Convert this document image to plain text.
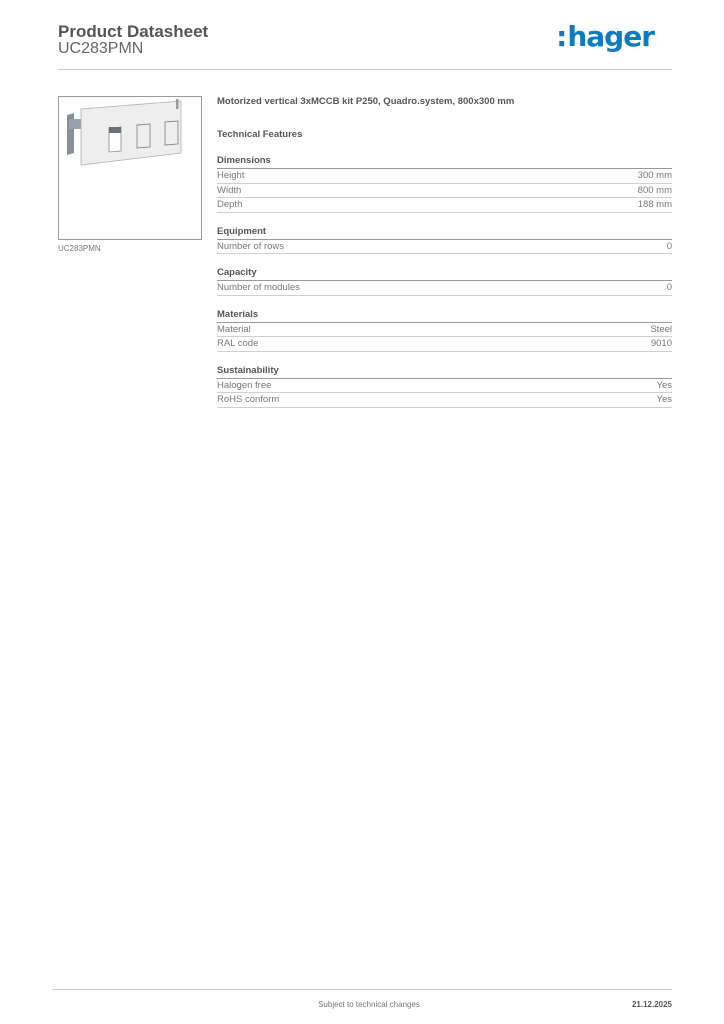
Product Datasheet
UC283PMN	:hager
UC283PMN
Motorized vertical 3xMCCB kit P250, Quadro.system, 800x300 mm
Technical Features
Dimensions
Height	300 mm
Width	800 mm
Depth	188 mm
Equipment
Number of rows	0
Capacity
Number of modules	0
Materials
Material	Steel
RAL code	9010
Sustainability
Halogen free	Yes
RoHS conform	Yes
Subject to technical changes	21.12.2025
